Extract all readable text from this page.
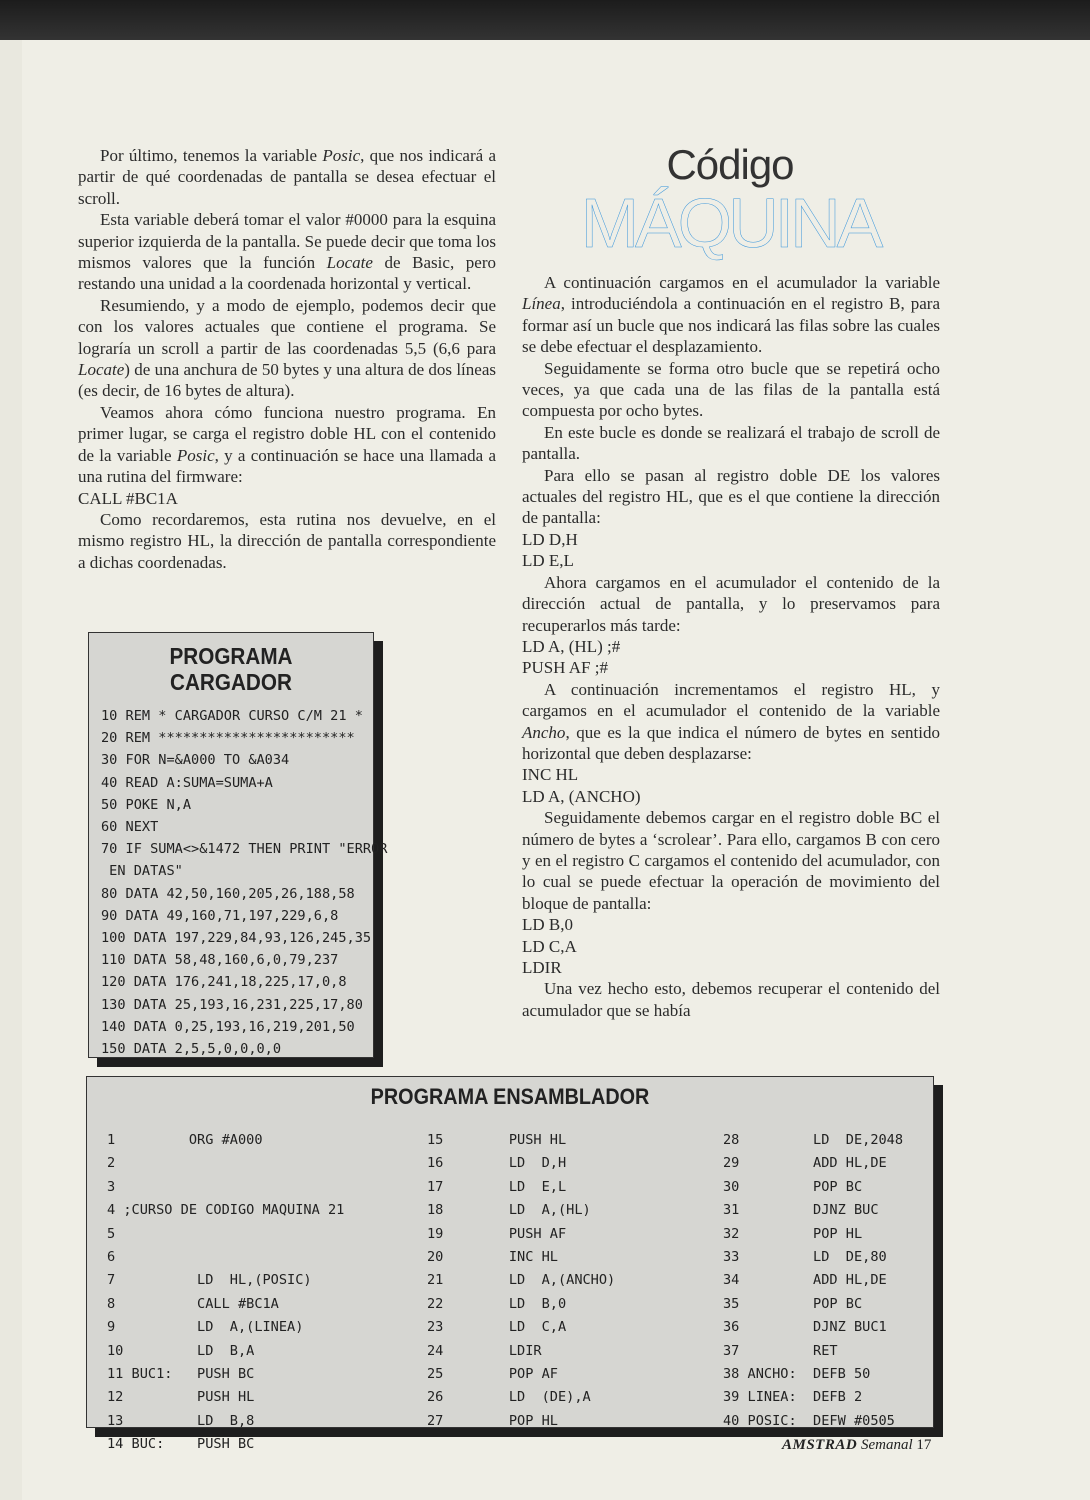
Por último, tenemos la variable Posic, que nos indicará a partir de qué coordenadas de pantalla se desea efectuar el scroll.

Esta variable deberá tomar el valor #0000 para la esquina superior izquierda de la pantalla. Se puede decir que toma los mismos valores que la función Locate de Basic, pero restando una unidad a la coordenada horizontal y vertical.

Resumiendo, y a modo de ejemplo, podemos decir que con los valores actuales que contiene el programa. Se lograría un scroll a partir de las coordenadas 5,5 (6,6 para Locate) de una anchura de 50 bytes y una altura de dos líneas (es decir, de 16 bytes de altura).

Veamos ahora cómo funciona nuestro programa. En primer lugar, se carga el registro doble HL con el contenido de la variable Posic, y a continuación se hace una llamada a una rutina del firmware:

CALL #BC1A

Como recordaremos, esta rutina nos devuelve, en el mismo registro HL, la dirección de pantalla correspondiente a dichas coordenadas.

Código
MÁQUINA

A continuación cargamos en el acumulador la variable Línea, introduciéndola a continuación en el registro B, para formar así un bucle que nos indicará las filas sobre las cuales se debe efectuar el desplazamiento.

Seguidamente se forma otro bucle que se repetirá ocho veces, ya que cada una de las filas de la pantalla está compuesta por ocho bytes.

En este bucle es donde se realizará el trabajo de scroll de pantalla.

Para ello se pasan al registro doble DE los valores actuales del registro HL, que es el que contiene la dirección de pantalla:

LD D,H

LD E,L

Ahora cargamos en el acumulador el contenido de la dirección actual de pantalla, y lo preservamos para recuperarlos más tarde:

LD A, (HL) ;#

PUSH AF ;#

A continuación incrementamos el registro HL, y cargamos en el acumulador el contenido de la variable Ancho, que es la que indica el número de bytes en sentido horizontal que deben desplazarse:

INC HL

LD A, (ANCHO)

Seguidamente debemos cargar en el registro doble BC el número de bytes a ‘scrolear’. Para ello, cargamos B con cero y en el registro C cargamos el contenido del acumulador, con lo cual se puede efectuar la operación de movimiento del bloque de pantalla:

LD B,0

LD C,A

LDIR

Una vez hecho esto, debemos recuperar el contenido del acumulador que se había

PROGRAMA
CARGADOR
10 REM * CARGADOR CURSO C/M 21 *
20 REM ************************
30 FOR N=&A000 TO &A034
40 READ A:SUMA=SUMA+A
50 POKE N,A
60 NEXT
70 IF SUMA<>&1472 THEN PRINT "ERROR
EN DATAS"
80 DATA 42,50,160,205,26,188,58
90 DATA 49,160,71,197,229,6,8
100 DATA 197,229,84,93,126,245,35
110 DATA 58,48,160,6,0,79,237
120 DATA 176,241,18,225,17,0,8
130 DATA 25,193,16,231,225,17,80
140 DATA 0,25,193,16,219,201,50
150 DATA 2,5,5,0,0,0,0
PROGRAMA ENSAMBLADOR
1         ORG #A000
2
3
4 ;CURSO DE CODIGO MAQUINA 21
5
6
7          LD  HL,(POSIC)
8          CALL #BC1A
9          LD  A,(LINEA)
10         LD  B,A
11 BUC1:   PUSH BC
12         PUSH HL
13         LD  B,8
14 BUC:    PUSH BC
15        PUSH HL
16        LD  D,H
17        LD  E,L
18        LD  A,(HL)
19        PUSH AF
20        INC HL
21        LD  A,(ANCHO)
22        LD  B,0
23        LD  C,A
24        LDIR
25        POP AF
26        LD  (DE),A
27        POP HL
28         LD  DE,2048
29         ADD HL,DE
30         POP BC
31         DJNZ BUC
32         POP HL
33         LD  DE,80
34         ADD HL,DE
35         POP BC
36         DJNZ BUC1
37         RET
38 ANCHO:  DEFB 50
39 LINEA:  DEFB 2
40 POSIC:  DEFW #0505
AMSTRAD Semanal 17
